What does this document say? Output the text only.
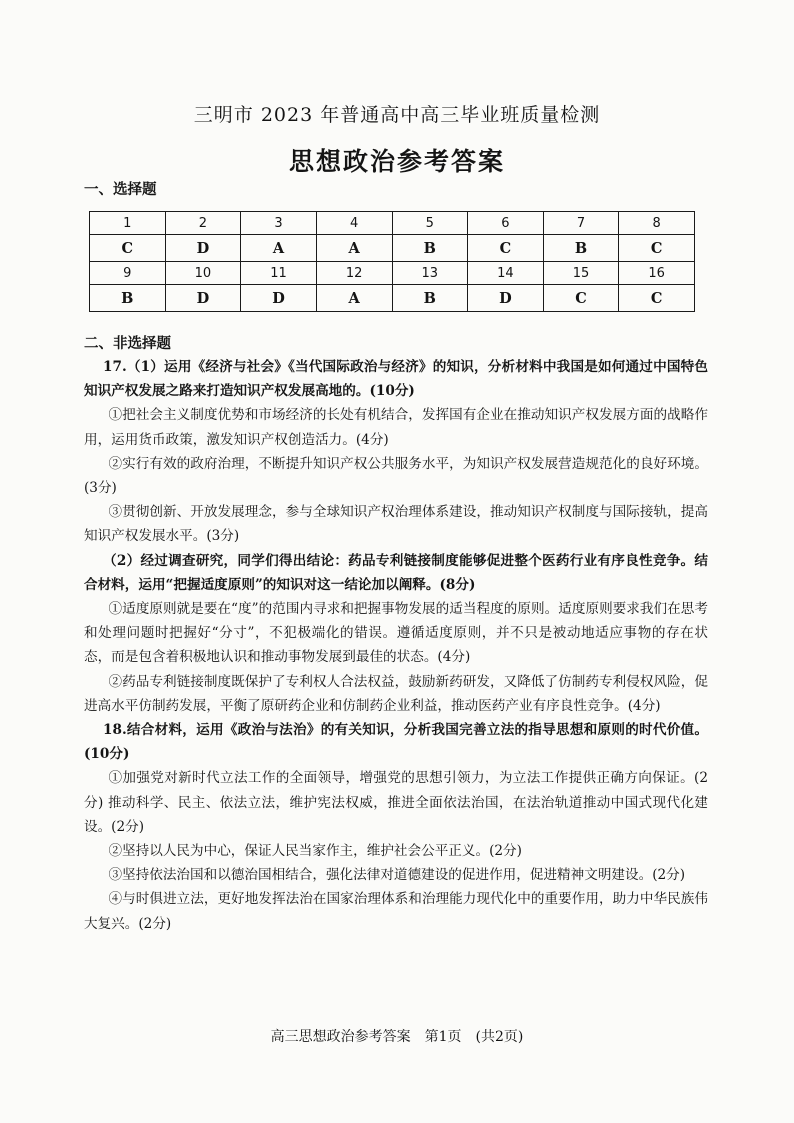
三明市 2023 年普通高中高三毕业班质量检测
思想政治参考答案
一、选择题
1	2	3	4	5	6	7	8
C	D	A	A	B	C	B	C
9	10	11	12	13	14	15	16
B	D	D	A	B	D	C	C
二、非选择题

17.（1）运用《经济与社会》《当代国际政治与经济》的知识，分析材料中我国是如何通过中国特色知识产权发展之路来打造知识产权发展高地的。(10分)

①把社会主义制度优势和市场经济的长处有机结合，发挥国有企业在推动知识产权发展方面的战略作用，运用货币政策，激发知识产权创造活力。(4分)

②实行有效的政府治理，不断提升知识产权公共服务水平，为知识产权发展营造规范化的良好环境。(3分)

③贯彻创新、开放发展理念，参与全球知识产权治理体系建设，推动知识产权制度与国际接轨，提高知识产权发展水平。(3分)

（2）经过调查研究，同学们得出结论：药品专利链接制度能够促进整个医药行业有序良性竞争。结合材料，运用“把握适度原则”的知识对这一结论加以阐释。(8分)

①适度原则就是要在“度”的范围内寻求和把握事物发展的适当程度的原则。适度原则要求我们在思考和处理问题时把握好“分寸”，不犯极端化的错误。遵循适度原则，并不只是被动地适应事物的存在状态，而是包含着积极地认识和推动事物发展到最佳的状态。(4分)

②药品专利链接制度既保护了专利权人合法权益，鼓励新药研发，又降低了仿制药专利侵权风险，促进高水平仿制药发展，平衡了原研药企业和仿制药企业利益，推动医药产业有序良性竞争。(4分)

18.结合材料，运用《政治与法治》的有关知识，分析我国完善立法的指导思想和原则的时代价值。(10分)

①加强党对新时代立法工作的全面领导，增强党的思想引领力，为立法工作提供正确方向保证。(2分) 推动科学、民主、依法立法，维护宪法权威，推进全面依法治国，在法治轨道推动中国式现代化建设。(2分)

②坚持以人民为中心，保证人民当家作主，维护社会公平正义。(2分)

③坚持依法治国和以德治国相结合，强化法律对道德建设的促进作用，促进精神文明建设。(2分)

④与时俱进立法，更好地发挥法治在国家治理体系和治理能力现代化中的重要作用，助力中华民族伟大复兴。(2分)

高三思想政治参考答案　第1页　(共2页)
